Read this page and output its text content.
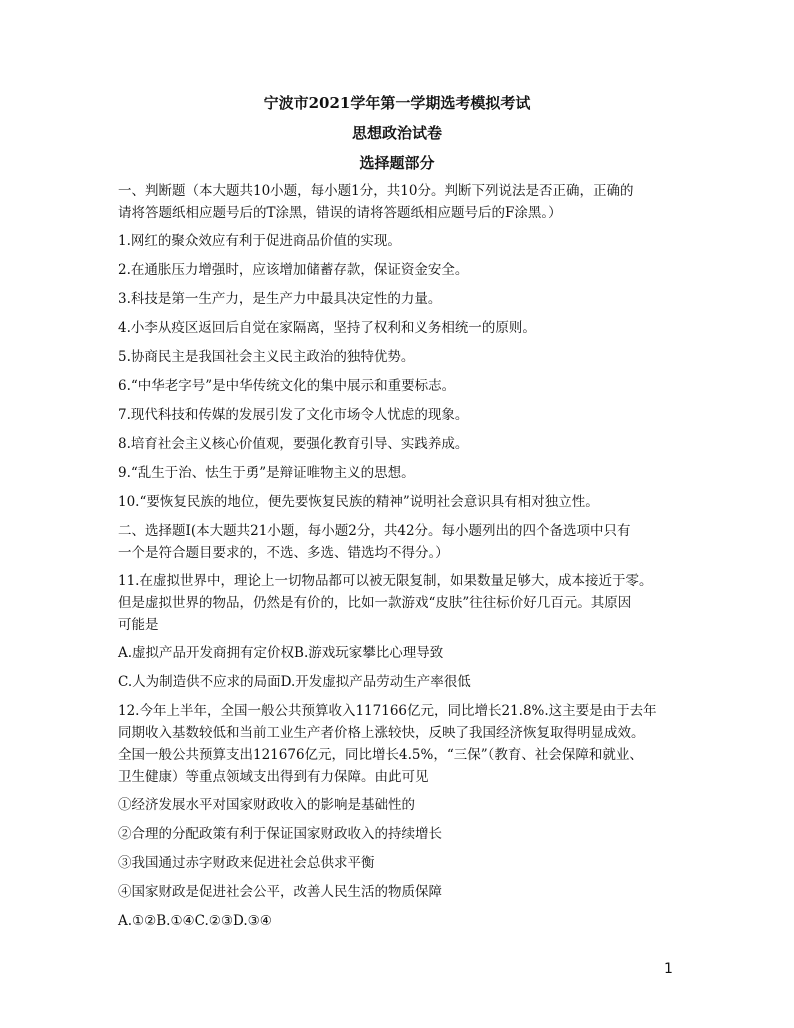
宁波市2021学年第一学期选考模拟考试
思想政治试卷
选择题部分

一、判断题（本大题共10小题，每小题1分，共10分。判断下列说法是否正确，正确的
请将答题纸相应题号后的T涂黑，错误的请将答题纸相应题号后的F涂黑。）

1.网红的聚众效应有利于促进商品价值的实现。

2.在通胀压力增强时，应该增加储蓄存款，保证资金安全。

3.科技是第一生产力，是生产力中最具决定性的力量。

4.小李从疫区返回后自觉在家隔离，坚持了权利和义务相统一的原则。

5.协商民主是我国社会主义民主政治的独特优势。

6.“中华老字号”是中华传统文化的集中展示和重要标志。

7.现代科技和传媒的发展引发了文化市场令人忧虑的现象。

8.培育社会主义核心价值观，要强化教育引导、实践养成。

9.“乱生于治、怯生于勇”是辩证唯物主义的思想。

10.“要恢复民族的地位，便先要恢复民族的精神”说明社会意识具有相对独立性。

二、选择题Ⅰ(本大题共21小题，每小题2分，共42分。每小题列出的四个备选项中只有
一个是符合题目要求的，不选、多选、错选均不得分。）

11.在虚拟世界中，理论上一切物品都可以被无限复制，如果数量足够大，成本接近于零。
但是虚拟世界的物品，仍然是有价的，比如一款游戏“皮肤”往往标价好几百元。其原因
可能是

A.虚拟产品开发商拥有定价权B.游戏玩家攀比心理导致

C.人为制造供不应求的局面D.开发虚拟产品劳动生产率很低

12.今年上半年，全国一般公共预算收入117166亿元，同比增长21.8%.这主要是由于去年
同期收入基数较低和当前工业生产者价格上涨较快，反映了我国经济恢复取得明显成效。
全国一般公共预算支出121676亿元，同比增长4.5%，“三保”（教育、社会保障和就业、
卫生健康）等重点领域支出得到有力保障。由此可见

①经济发展水平对国家财政收入的影响是基础性的

②合理的分配政策有利于保证国家财政收入的持续增长

③我国通过赤字财政来促进社会总供求平衡

④国家财政是促进社会公平，改善人民生活的物质保障

A.①②B.①④C.②③D.③④

1
